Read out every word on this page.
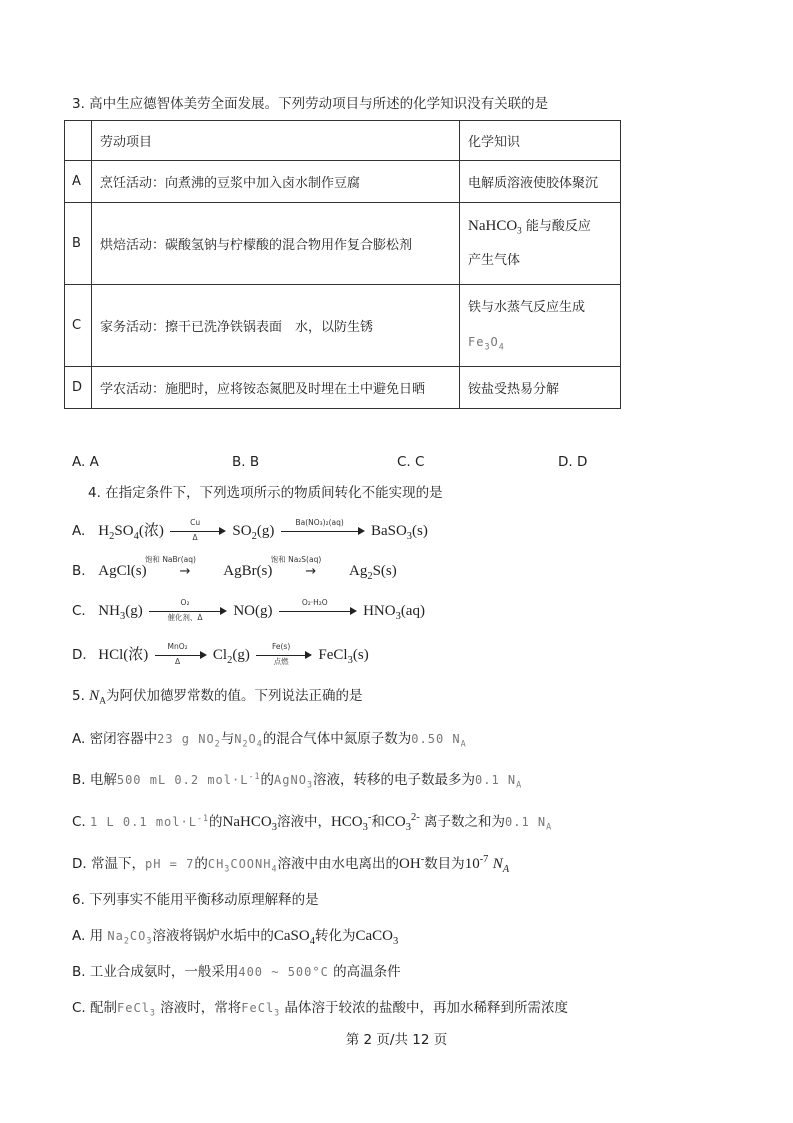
3. 高中生应德智体美劳全面发展。下列劳动项目与所述的化学知识没有关联的是
	劳动项目	化学知识
A	烹饪活动：向煮沸的豆浆中加入卤水制作豆腐	电解质溶液使胶体聚沉
B	烘焙活动：碳酸氢钠与柠檬酸的混合物用作复合膨松剂	NaHCO$_3$ 能与酸反应
产生气体

C	家务活动：擦干已洗净铁锅表面　水，以防生锈	铁与水蒸气反应生成
$Fe_3O_4$

D	学农活动：施肥时，应将铵态氮肥及时埋在土中避免日晒	铵盐受热易分解
A. A	B. B	C. C	D. D
4. 在指定条件下，下列选项所示的物质间转化不能实现的是
A. $H_2SO_4$(浓) $\frac{Cu}{\Delta} SO_2(g)$
Ba(NO₃)₂(aq)
BaSO$_3$(s)
B. AgCl(s)
饱和 NaBr(aq)
→ AgBr(s)
饱和 Na₂S(aq)
→ $Ag_2S(s)$
C. $NH_3(g)$
O₂
催化剂、Δ	NO(g)
O₂·H₂O
$HNO_3(aq)$
D. HCl(浓)
MnO₂
Δ	$Cl_2(g)$
Fe(s)
点燃	FeCl$_3$(s)
5. $N_A$为阿伏加德罗常数的值。下列说法正确的是
A. 密闭容器中23 g $NO_2$与$N_2O_4$的混合气体中氮原子数为0.50 $N_A$
B. 电解500 mL 0.2 $mol\cdot L^{-1}$的AgNO$_3$溶液，转移的电子数最多为0.1 $N_A$
C. 1 L 0.1 $mol\cdot L^{-1}$的NaHCO$_3$溶液中，$HCO_3^-$和$CO_3^{2-}$ 离子数之和为0.1 $N_A$
D. 常温下，pH = 7的$CH_3COONH_4$溶液中由水电离出的OH-数目为$10^{-7}$ $N_A$
6. 下列事实不能用平衡移动原理解释的是
A. 用 $Na_2CO_3$溶液将锅炉水垢中的CaSO$_4$转化为CaCO$_3$
B. 工业合成氨时，一般采用400 ~ 500°C 的高温条件
C. 配制FeCl$_3$ 溶液时，常将FeCl$_3$ 晶体溶于较浓的盐酸中，再加水稀释到所需浓度
第 2 页/共 12 页
